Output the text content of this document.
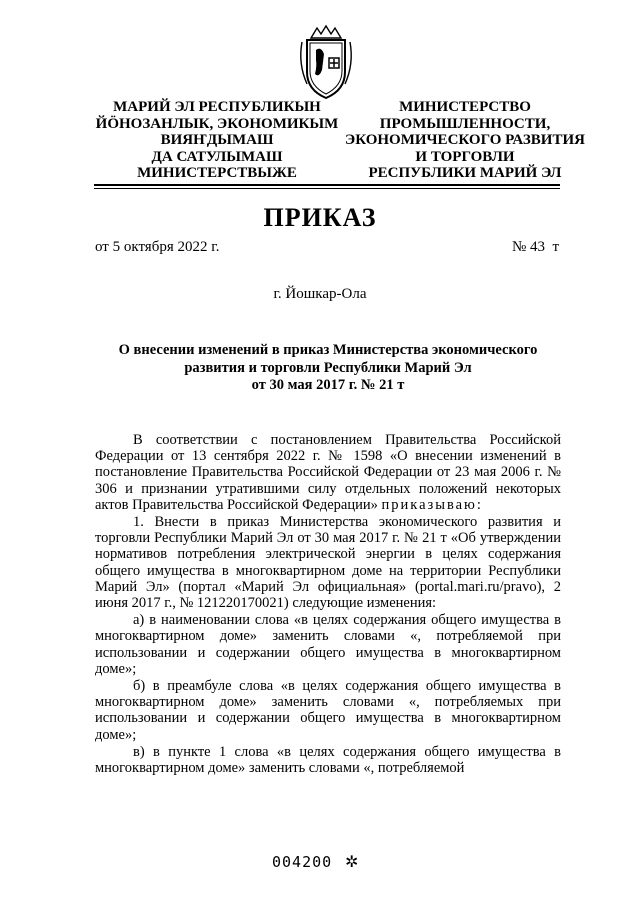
МАРИЙ ЭЛ РЕСПУБЛИКЫН
ЙӦНОЗАНЛЫК, ЭКОНОМИКЫМ
ВИЯҤДЫМАШ
ДА САТУЛЫМАШ
МИНИСТЕРСТВЫЖЕ
МИНИСТЕРСТВО
ПРОМЫШЛЕННОСТИ,
ЭКОНОМИЧЕСКОГО РАЗВИТИЯ
И ТОРГОВЛИ
РЕСПУБЛИКИ МАРИЙ ЭЛ
ПРИКАЗ
от 5 октября 2022 г.	№ 43  т
г. Йошкар-Ола
О внесении изменений в приказ Министерства экономического
развития и торговли Республики Марий Эл
от 30 мая 2017 г. № 21 т

В соответствии с постановлением Правительства Российской Федерации от 13 сентября 2022 г. № 1598 «О внесении изменений в постановление Правительства Российской Федерации от 23 мая 2006 г. № 306 и признании утратившими силу отдельных положений некоторых актов Правительства Российской Федерации» приказываю:

1. Внести в приказ Министерства экономического развития и торговли Республики Марий Эл от 30 мая 2017 г. № 21 т «Об утверждении нормативов потребления электрической энергии в целях содержания общего имущества в многоквартирном доме на территории Республики Марий Эл» (портал «Марий Эл официальная» (portal.mari.ru/pravo), 2 июня 2017 г., № 121220170021) следующие изменения:

а) в наименовании слова «в целях содержания общего имущества в многоквартирном доме» заменить словами «, потребляемой при использовании и содержании общего имущества в многоквартирном доме»;

б) в преамбуле слова «в целях содержания общего имущества в многоквартирном доме» заменить словами «, потребляемых при использовании и содержании общего имущества в многоквартирном доме»;

в) в пункте 1 слова «в целях содержания общего имущества в многоквартирном доме» заменить словами «, потребляемой

004200 ✲
